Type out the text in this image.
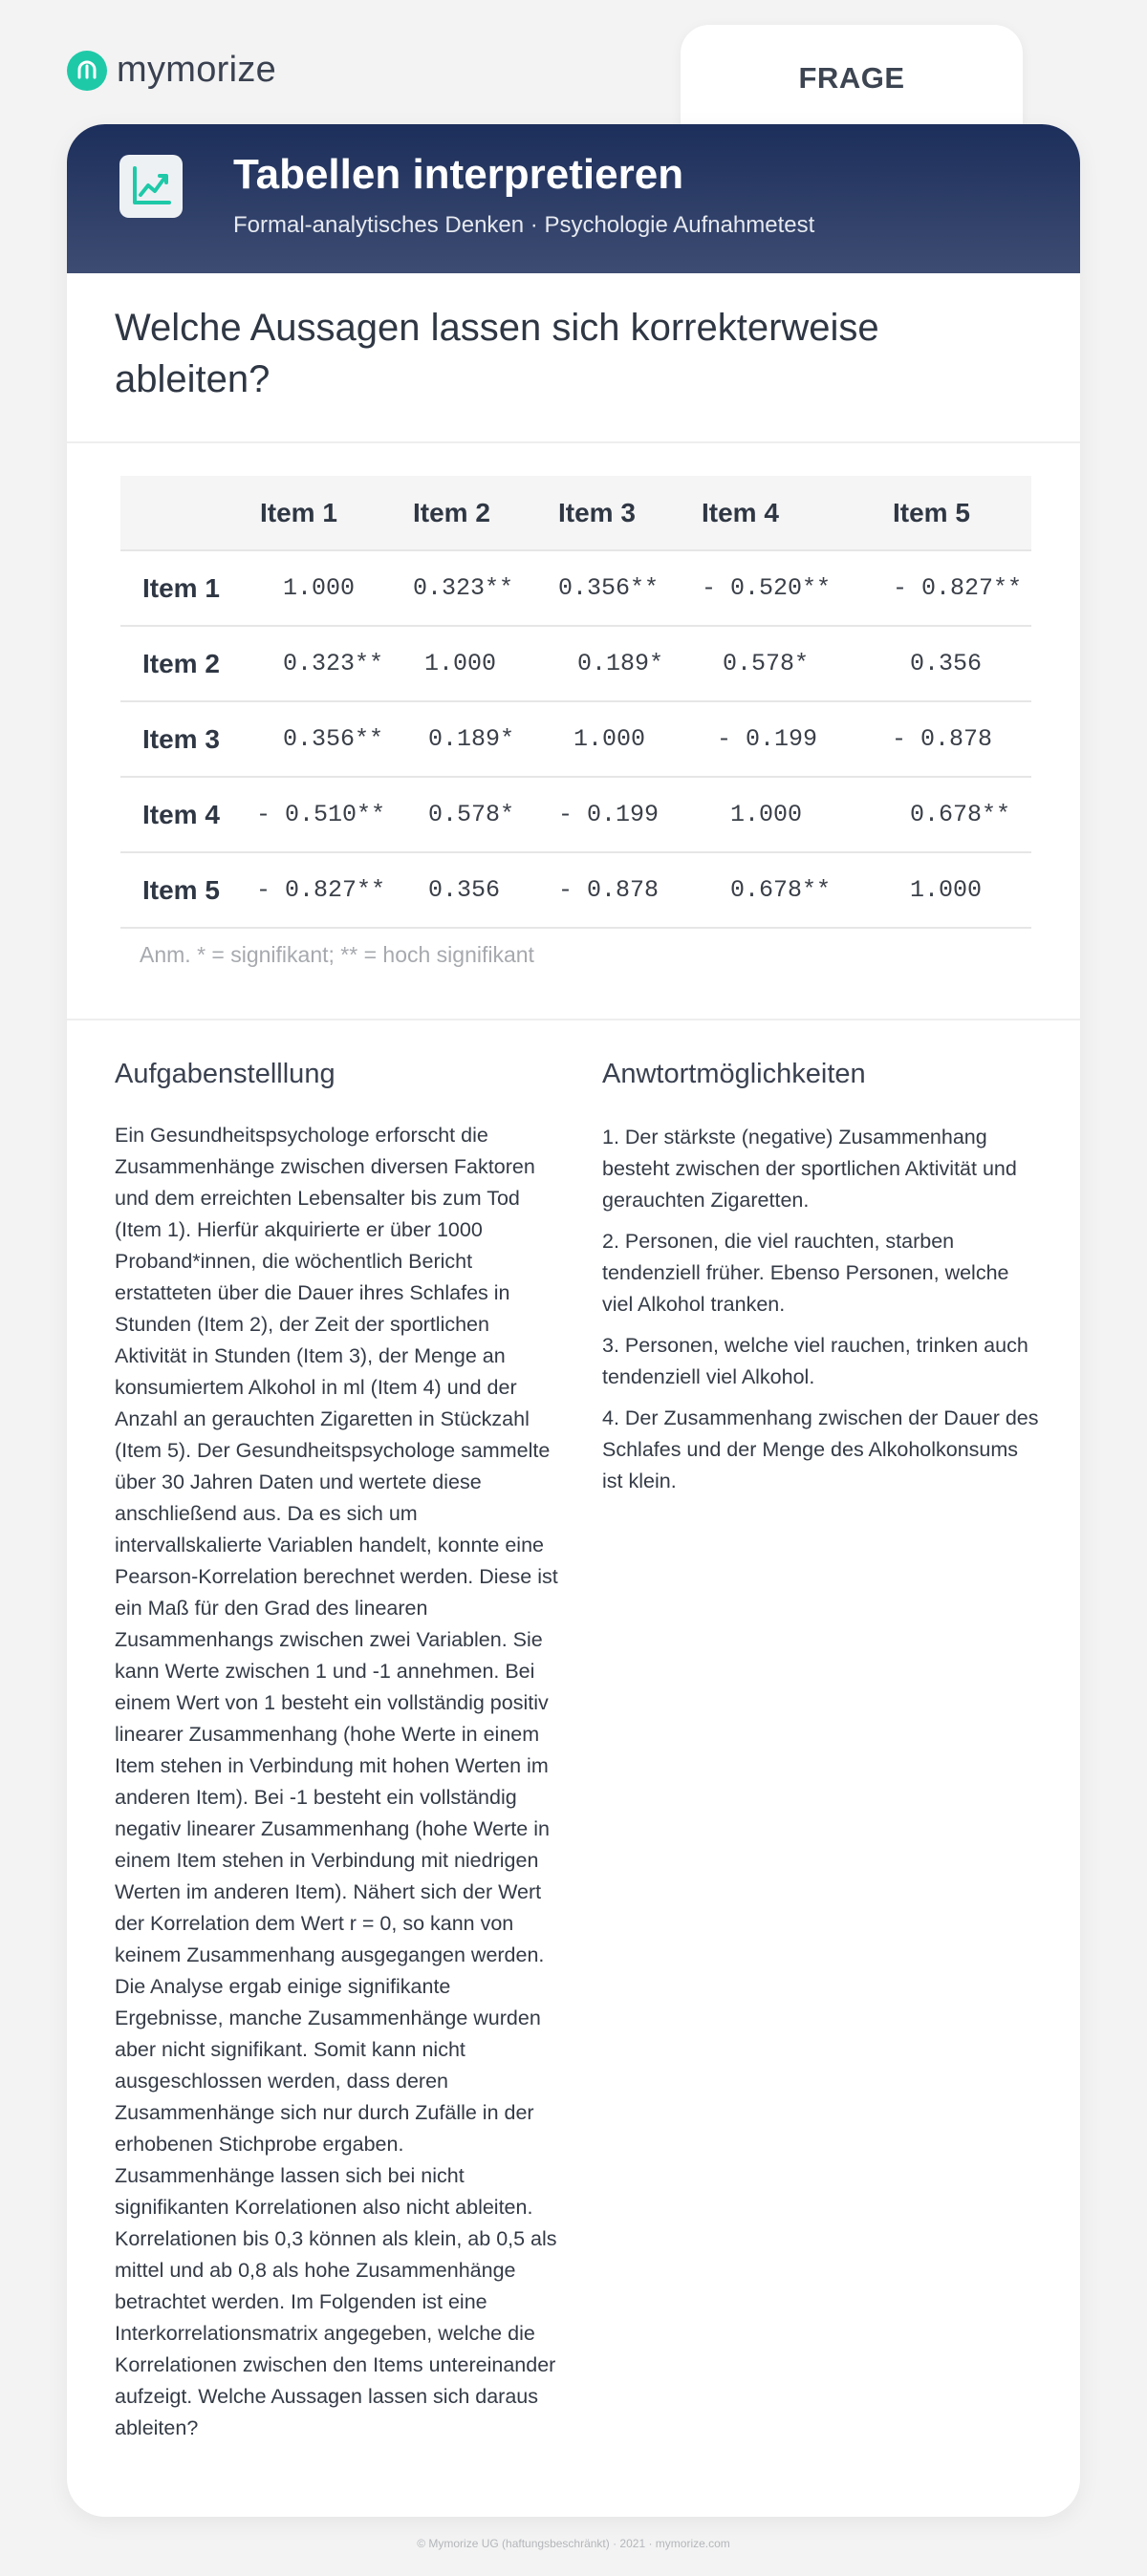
mymorize	FRAGE
Tabellen interpretieren
Formal-analytisches Denken · Psychologie Aufnahmetest
Welche Aussagen lassen sich korrekterweise ableiten?
	Item 1	Item 2	Item 3	Item 4	Item 5
Item 1	1.000	0.323**	0.356**	- 0.520**	- 0.827**
Item 2	0.323**	1.000	0.189*	0.578*	0.356
Item 3	0.356**	0.189*	1.000	- 0.199	- 0.878
Item 4	- 0.510**	0.578*	- 0.199	1.000	0.678**
Item 5	- 0.827**	0.356	- 0.878	0.678**	1.000
Anm. * = signifikant; ** = hoch signifikant
Aufgabenstelllung
Ein Gesundheitspsychologe erforscht die Zusammenhänge zwischen diversen Faktoren und dem erreichten Lebensalter bis zum Tod (Item 1). Hierfür akquirierte er über 1000 Proband*innen, die wöchentlich Bericht erstatteten über die Dauer ihres Schlafes in Stunden (Item 2), der Zeit der sportlichen Aktivität in Stunden (Item 3), der Menge an konsumiertem Alkohol in ml (Item 4) und der Anzahl an gerauchten Zigaretten in Stückzahl (Item 5). Der Gesundheitspsychologe sammelte über 30 Jahren Daten und wertete diese anschließend aus. Da es sich um intervallskalierte Variablen handelt, konnte eine Pearson-Korrelation berechnet werden. Diese ist ein Maß für den Grad des linearen Zusammenhangs zwischen zwei Variablen. Sie kann Werte zwischen 1 und -1 annehmen. Bei einem Wert von 1 besteht ein vollständig positiv linearer Zusammenhang (hohe Werte in einem Item stehen in Verbindung mit hohen Werten im anderen Item). Bei -1 besteht ein vollständig negativ linearer Zusammenhang (hohe Werte in einem Item stehen in Verbindung mit niedrigen Werten im anderen Item). Nähert sich der Wert der Korrelation dem Wert r = 0, so kann von keinem Zusammenhang ausgegangen werden. Die Analyse ergab einige signifikante Ergebnisse, manche Zusammenhänge wurden aber nicht signifikant. Somit kann nicht ausgeschlossen werden, dass deren Zusammenhänge sich nur durch Zufälle in der erhobenen Stichprobe ergaben. Zusammenhänge lassen sich bei nicht signifikanten Korrelationen also nicht ableiten. Korrelationen bis 0,3 können als klein, ab 0,5 als mittel und ab 0,8 als hohe Zusammenhänge betrachtet werden. Im Folgenden ist eine Interkorrelationsmatrix angegeben, welche die Korrelationen zwischen den Items untereinander aufzeigt. Welche Aussagen lassen sich daraus ableiten?
Anwtortmöglichkeiten
1. Der stärkste (negative) Zusammenhang besteht zwischen der sportlichen Aktivität und gerauchten Zigaretten.
2. Personen, die viel rauchten, starben tendenziell früher. Ebenso Personen, welche viel Alkohol tranken.
3. Personen, welche viel rauchen, trinken auch tendenziell viel Alkohol.
4. Der Zusammenhang zwischen der Dauer des Schlafes und der Menge des Alkoholkonsums ist klein.
© Mymorize UG (haftungsbeschränkt) · 2021 · mymorize.com
